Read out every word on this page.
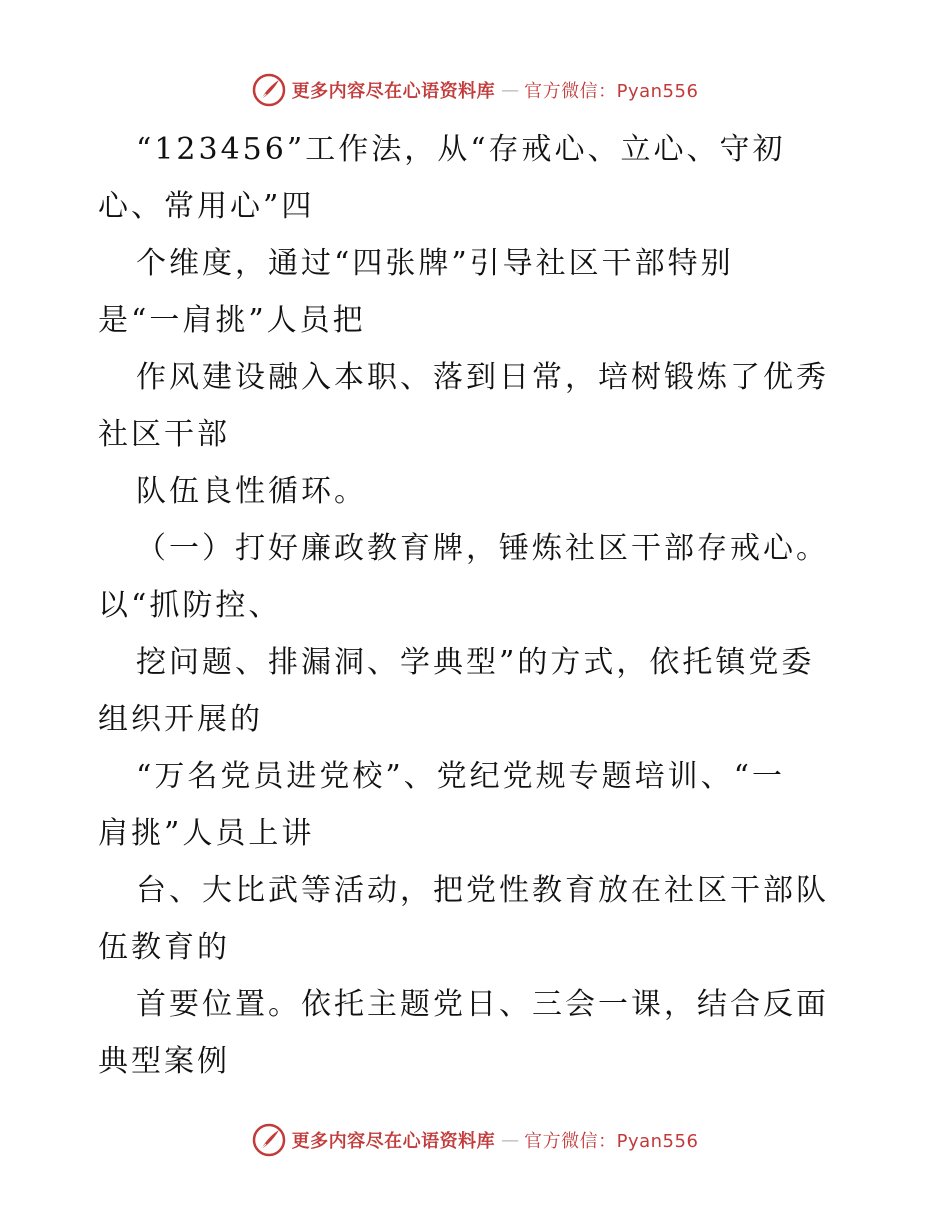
更多内容尽在心语资料库 — 官方微信：Pyan556
“123456”工作法，从“存戒心、立心、守初
心、常用心”四
个维度，通过“四张牌”引导社区干部特别
是“一肩挑”人员把
作风建设融入本职、落到日常，培树锻炼了优秀
社区干部
队伍良性循环。
（一）打好廉政教育牌，锤炼社区干部存戒心。
以“抓防控、
挖问题、排漏洞、学典型”的方式，依托镇党委
组织开展的
“万名党员进党校”、党纪党规专题培训、“一
肩挑”人员上讲
台、大比武等活动，把党性教育放在社区干部队
伍教育的
首要位置。依托主题党日、三会一课，结合反面
典型案例
更多内容尽在心语资料库 — 官方微信：Pyan556
